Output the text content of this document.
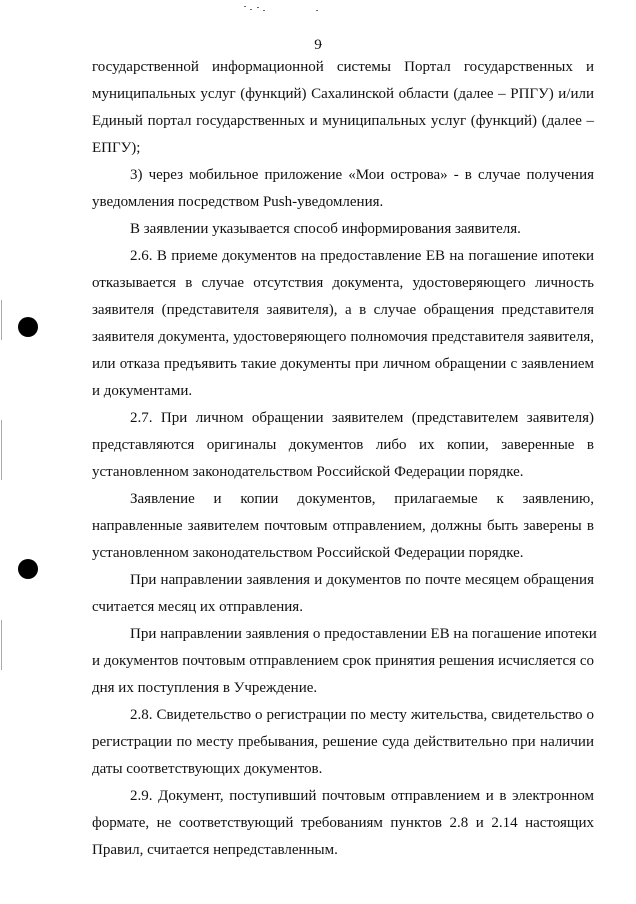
9
государственной информационной системы Портал государственных и
муниципальных услуг (функций) Сахалинской области (далее – РПГУ) и/или
Единый портал государственных и муниципальных услуг (функций) (далее –
ЕПГУ);
3) через мобильное приложение «Мои острова» - в случае получения
уведомления посредством Push-уведомления.
В заявлении указывается способ информирования заявителя.
2.6. В приеме документов на предоставление ЕВ на погашение ипотеки
отказывается в случае отсутствия документа, удостоверяющего личность
заявителя (представителя заявителя), а в случае обращения представителя
заявителя документа, удостоверяющего полномочия представителя заявителя,
или отказа предъявить такие документы при личном обращении с заявлением
и документами.
2.7. При личном обращении заявителем (представителем заявителя)
представляются оригиналы документов либо их копии, заверенные в
установленном законодательством Российской Федерации порядке.
Заявление и копии документов, прилагаемые к заявлению,
направленные заявителем почтовым отправлением, должны быть заверены в
установленном законодательством Российской Федерации порядке.
При направлении заявления и документов по почте месяцем обращения
считается месяц их отправления.
При направлении заявления о предоставлении ЕВ на погашение ипотеки
и документов почтовым отправлением срок принятия решения исчисляется со
дня их поступления в Учреждение.
2.8. Свидетельство о регистрации по месту жительства, свидетельство о
регистрации по месту пребывания, решение суда действительно при наличии
даты соответствующих документов.
2.9. Документ, поступивший почтовым отправлением и в электронном
формате, не соответствующий требованиям пунктов 2.8 и 2.14 настоящих
Правил, считается непредставленным.
